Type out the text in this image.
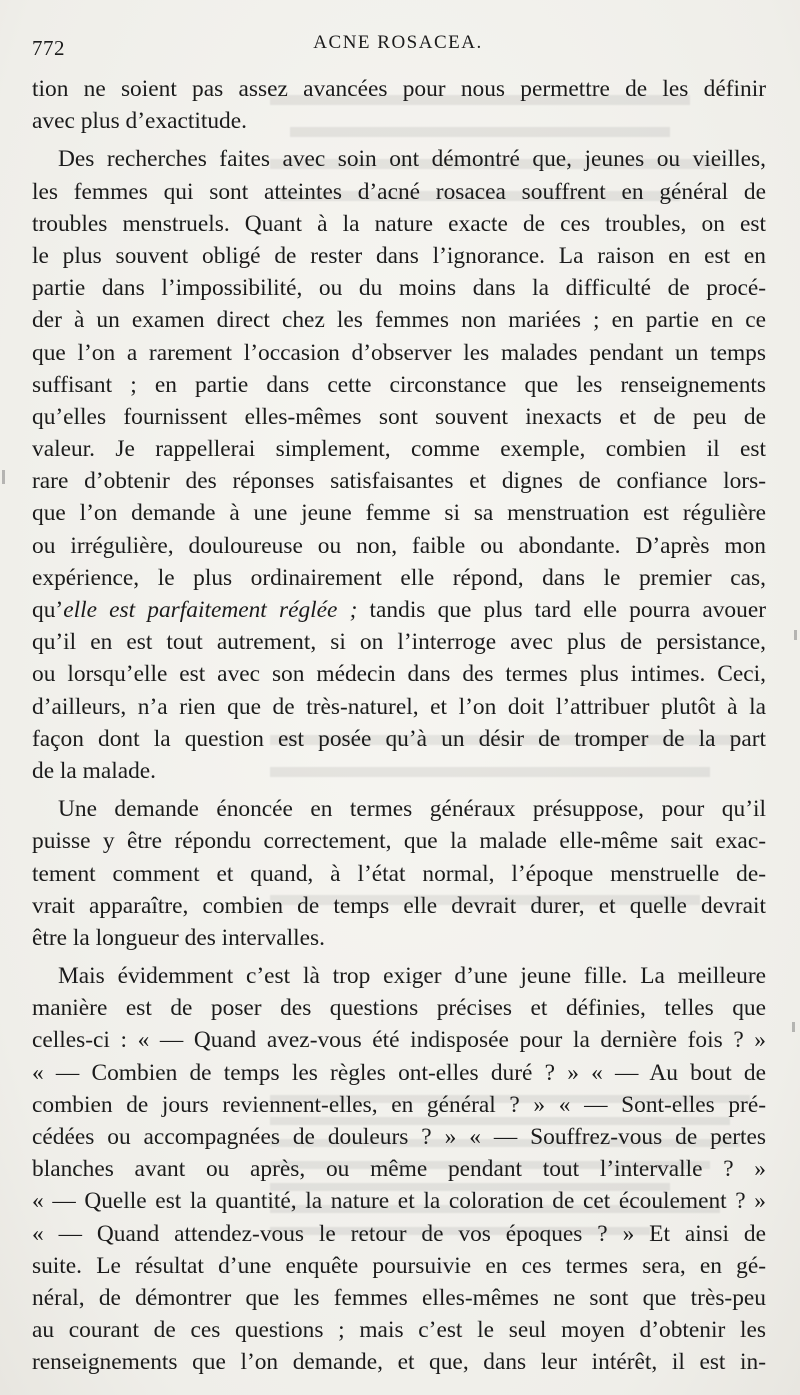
772	ACNE ROSACEA.
tion ne soient pas assez avancées pour nous permettre de les définir
avec plus d’exactitude.
Des recherches faites avec soin ont démontré que, jeunes ou vieilles,
les femmes qui sont atteintes d’acné rosacea souffrent en général de
troubles menstruels. Quant à la nature exacte de ces troubles, on est
le plus souvent obligé de rester dans l’ignorance. La raison en est en
partie dans l’impossibilité, ou du moins dans la difficulté de procé-
der à un examen direct chez les femmes non mariées ; en partie en ce
que l’on a rarement l’occasion d’observer les malades pendant un temps
suffisant ; en partie dans cette circonstance que les renseignements
qu’elles fournissent elles-mêmes sont souvent inexacts et de peu de
valeur. Je rappellerai simplement, comme exemple, combien il est
rare d’obtenir des réponses satisfaisantes et dignes de confiance lors-
que l’on demande à une jeune femme si sa menstruation est régulière
ou irrégulière, douloureuse ou non, faible ou abondante. D’après mon
expérience, le plus ordinairement elle répond, dans le premier cas,
qu’elle est parfaitement réglée ; tandis que plus tard elle pourra avouer
qu’il en est tout autrement, si on l’interroge avec plus de persistance,
ou lorsqu’elle est avec son médecin dans des termes plus intimes. Ceci,
d’ailleurs, n’a rien que de très-naturel, et l’on doit l’attribuer plutôt à la
façon dont la question est posée qu’à un désir de tromper de la part
de la malade.
Une demande énoncée en termes généraux présuppose, pour qu’il
puisse y être répondu correctement, que la malade elle-même sait exac-
tement comment et quand, à l’état normal, l’époque menstruelle de-
vrait apparaître, combien de temps elle devrait durer, et quelle devrait
être la longueur des intervalles.
Mais évidemment c’est là trop exiger d’une jeune fille. La meilleure
manière est de poser des questions précises et définies, telles que
celles-ci : « — Quand avez-vous été indisposée pour la dernière fois ? »
« — Combien de temps les règles ont-elles duré ? » « — Au bout de
combien de jours reviennent-elles, en général ? » « — Sont-elles pré-
cédées ou accompagnées de douleurs ? » « — Souffrez-vous de pertes
blanches avant ou après, ou même pendant tout l’intervalle ? »
« — Quelle est la quantité, la nature et la coloration de cet écoulement ? »
« — Quand attendez-vous le retour de vos époques ? » Et ainsi de
suite. Le résultat d’une enquête poursuivie en ces termes sera, en gé-
néral, de démontrer que les femmes elles-mêmes ne sont que très-peu
au courant de ces questions ; mais c’est le seul moyen d’obtenir les
renseignements que l’on demande, et que, dans leur intérêt, il est in-
